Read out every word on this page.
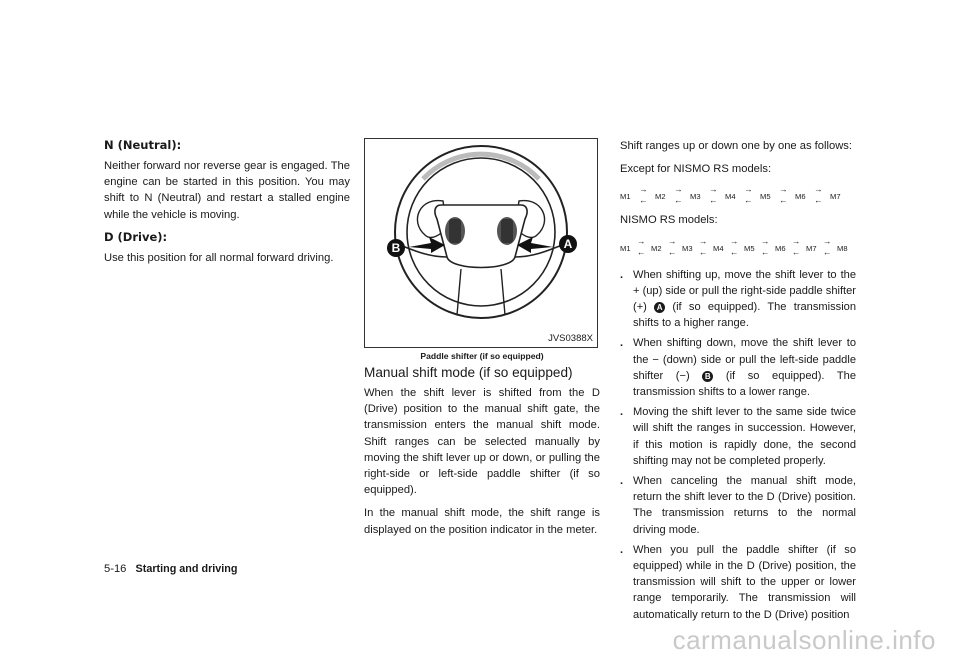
N (Neutral):

Neither forward nor reverse gear is engaged. The engine can be started in this position. You may shift to N (Neutral) and restart a stalled engine while the vehicle is moving.

D (Drive):

Use this position for all normal forward driving.

B	A
JVS0388X
Paddle shifter (if so equipped)
Manual shift mode (if so equipped)

When the shift lever is shifted from the D (Drive) position to the manual shift gate, the transmission enters the manual shift mode. Shift ranges can be selected manually by moving the shift lever up or down, or pulling the right-side or left-side paddle shifter (if so equipped).

In the manual shift mode, the shift range is displayed on the position indicator in the meter.

Shift ranges up or down one by one as follows:

Except for NISMO RS models:

M1
→
← M2
→
← M3
→
← M4
→
← M5
→
← M6
→
← M7

NISMO RS models:

M1
→
← M2
→
← M3
→
← M4
→
← M5
→
← M6
→
← M7
→
← M8
. When shifting up, move the shift lever to the + (up) side or pull the right-side paddle shifter (+) A (if so equipped). The transmission shifts to a higher range.
. When shifting down, move the shift lever to the − (down) side or pull the left-side paddle shifter (−) B (if so equipped). The transmission shifts to a lower range.
. Moving the shift lever to the same side twice will shift the ranges in succession. However, if this motion is rapidly done, the second shifting may not be completed properly.
. When canceling the manual shift mode, return the shift lever to the D (Drive) position. The transmission returns to the normal driving mode.
. When you pull the paddle shifter (if so equipped) while in the D (Drive) position, the transmission will shift to the upper or lower range temporarily. The transmission will automatically return to the D (Drive) position
5-16 Starting and driving
carmanualsonline.info
